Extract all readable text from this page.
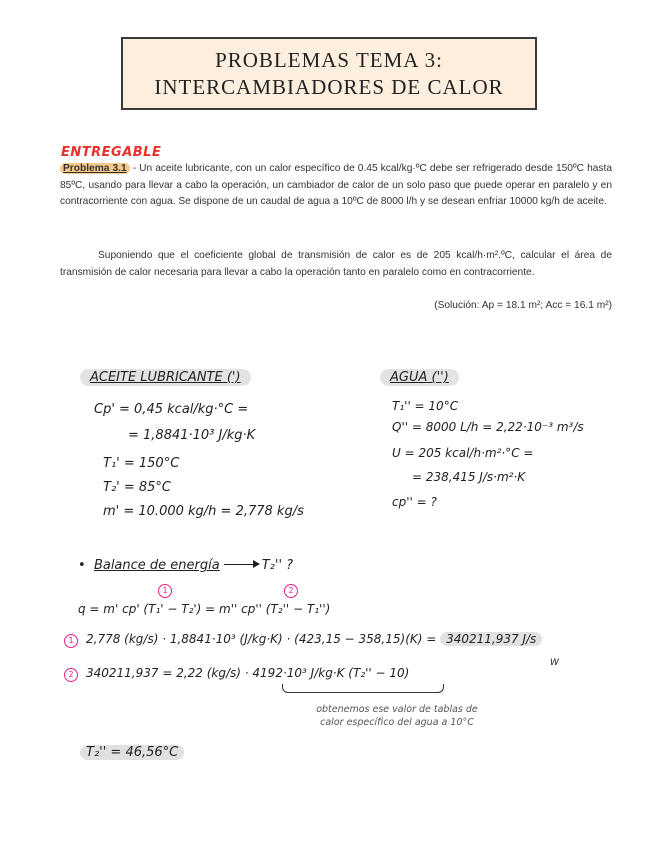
PROBLEMAS TEMA 3:
INTERCAMBIADORES DE CALOR
ENTREGABLE
Problema 3.1 - Un aceite lubricante, con un calor específico de 0.45 kcal/kg·ºC debe ser refrigerado desde 150ºC hasta 85ºC, usando para llevar a cabo la operación, un cambiador de calor de un solo paso que puede operar en paralelo y en contracorriente con agua. Se dispone de un caudal de agua a 10ºC de 8000 l/h y se desean enfriar 10000 kg/h de aceite.
Suponiendo que el coeficiente global de transmisión de calor es de 205 kcal/h·m².ºC, calcular el área de transmisión de calor necesaria para llevar a cabo la operación tanto en paralelo como en contracorriente.
(Solución: Ap = 18.1 m²; Acc = 16.1 m²)
ACEITE LUBRICANTE (')
Cp' = 0,45 kcal/kg·°C =
= 1,8841·10³ J/kg·K
T₁' = 150°C
T₂' = 85°C
m' = 10.000 kg/h = 2,778 kg/s
AGUA ('')
T₁'' = 10°C
Q'' = 8000 L/h = 2,22·10⁻³ m³/s
U = 205 kcal/h·m²·°C =
= 238,415 J/s·m²·K
cp'' = ?
•  Balance de energía	T₂'' ?
1	2
q = m' cp' (T₁' − T₂') = m'' cp'' (T₂'' − T₁'')
1	2,778 (kg/s) · 1,8841·10³ (J/kg·K) · (423,15 − 358,15)(K) = 340211,937 J/s
W
2	340211,937 = 2,22 (kg/s) · 4192·10³ J/kg·K (T₂'' − 10)
obtenemos ese valor de tablas de calor específico del agua a 10°C
T₂'' = 46,56°C
